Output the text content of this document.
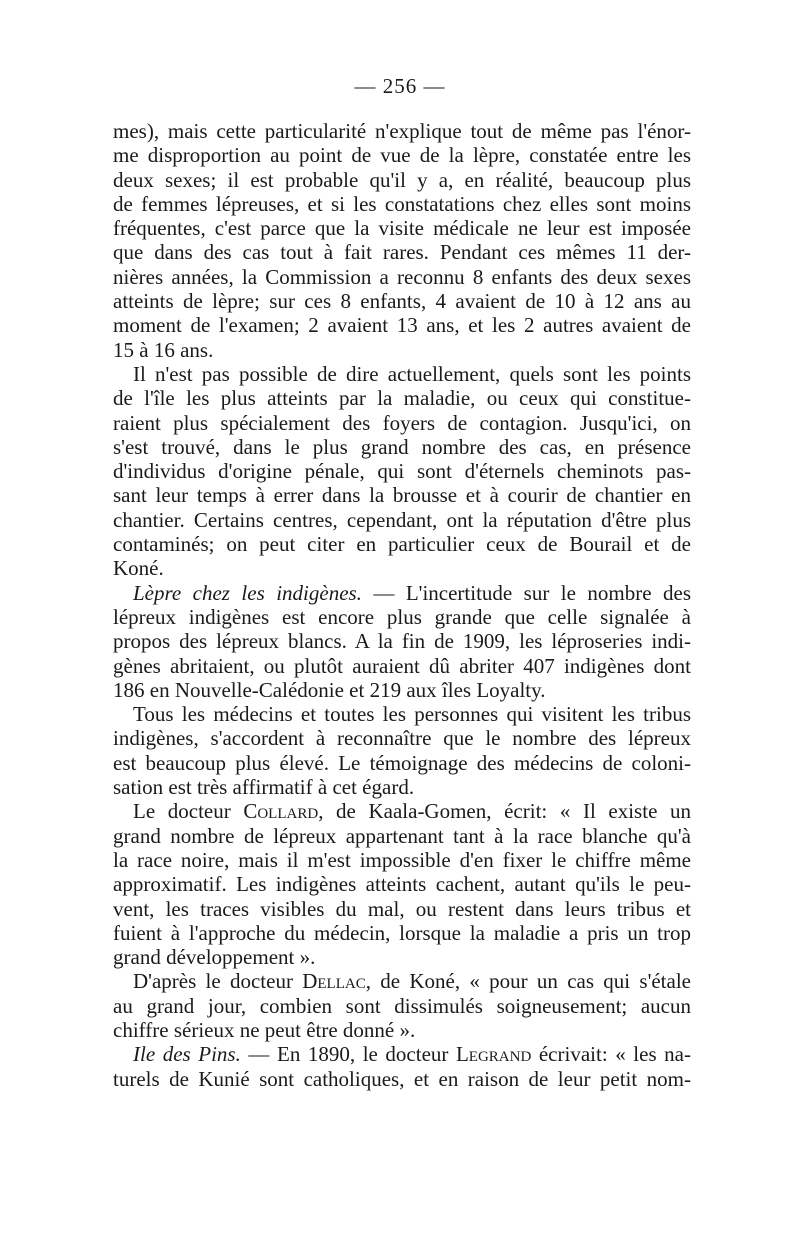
— 256 —
mes), mais cette particularité n'explique tout de même pas l'énor-
me disproportion au point de vue de la lèpre, constatée entre les
deux sexes; il est probable qu'il y a, en réalité, beaucoup plus
de femmes lépreuses, et si les constatations chez elles sont moins
fréquentes, c'est parce que la visite médicale ne leur est imposée
que dans des cas tout à fait rares. Pendant ces mêmes 11 der-
nières années, la Commission a reconnu 8 enfants des deux sexes
atteints de lèpre; sur ces 8 enfants, 4 avaient de 10 à 12 ans au
moment de l'examen; 2 avaient 13 ans, et les 2 autres avaient de
15 à 16 ans.
Il n'est pas possible de dire actuellement, quels sont les points
de l'île les plus atteints par la maladie, ou ceux qui constitue-
raient plus spécialement des foyers de contagion. Jusqu'ici, on
s'est trouvé, dans le plus grand nombre des cas, en présence
d'individus d'origine pénale, qui sont d'éternels cheminots pas-
sant leur temps à errer dans la brousse et à courir de chantier en
chantier. Certains centres, cependant, ont la réputation d'être plus
contaminés; on peut citer en particulier ceux de Bourail et de
Koné.
Lèpre chez les indigènes. — L'incertitude sur le nombre des
lépreux indigènes est encore plus grande que celle signalée à
propos des lépreux blancs. A la fin de 1909, les léproseries indi-
gènes abritaient, ou plutôt auraient dû abriter 407 indigènes dont
186 en Nouvelle-Calédonie et 219 aux îles Loyalty.
Tous les médecins et toutes les personnes qui visitent les tribus
indigènes, s'accordent à reconnaître que le nombre des lépreux
est beaucoup plus élevé. Le témoignage des médecins de coloni-
sation est très affirmatif à cet égard.
Le docteur Collard, de Kaala-Gomen, écrit: « Il existe un
grand nombre de lépreux appartenant tant à la race blanche qu'à
la race noire, mais il m'est impossible d'en fixer le chiffre même
approximatif. Les indigènes atteints cachent, autant qu'ils le peu-
vent, les traces visibles du mal, ou restent dans leurs tribus et
fuient à l'approche du médecin, lorsque la maladie a pris un trop
grand développement ».
D'après le docteur Dellac, de Koné, « pour un cas qui s'étale
au grand jour, combien sont dissimulés soigneusement; aucun
chiffre sérieux ne peut être donné ».
Ile des Pins. — En 1890, le docteur Legrand écrivait: « les na-
turels de Kunié sont catholiques, et en raison de leur petit nom-
